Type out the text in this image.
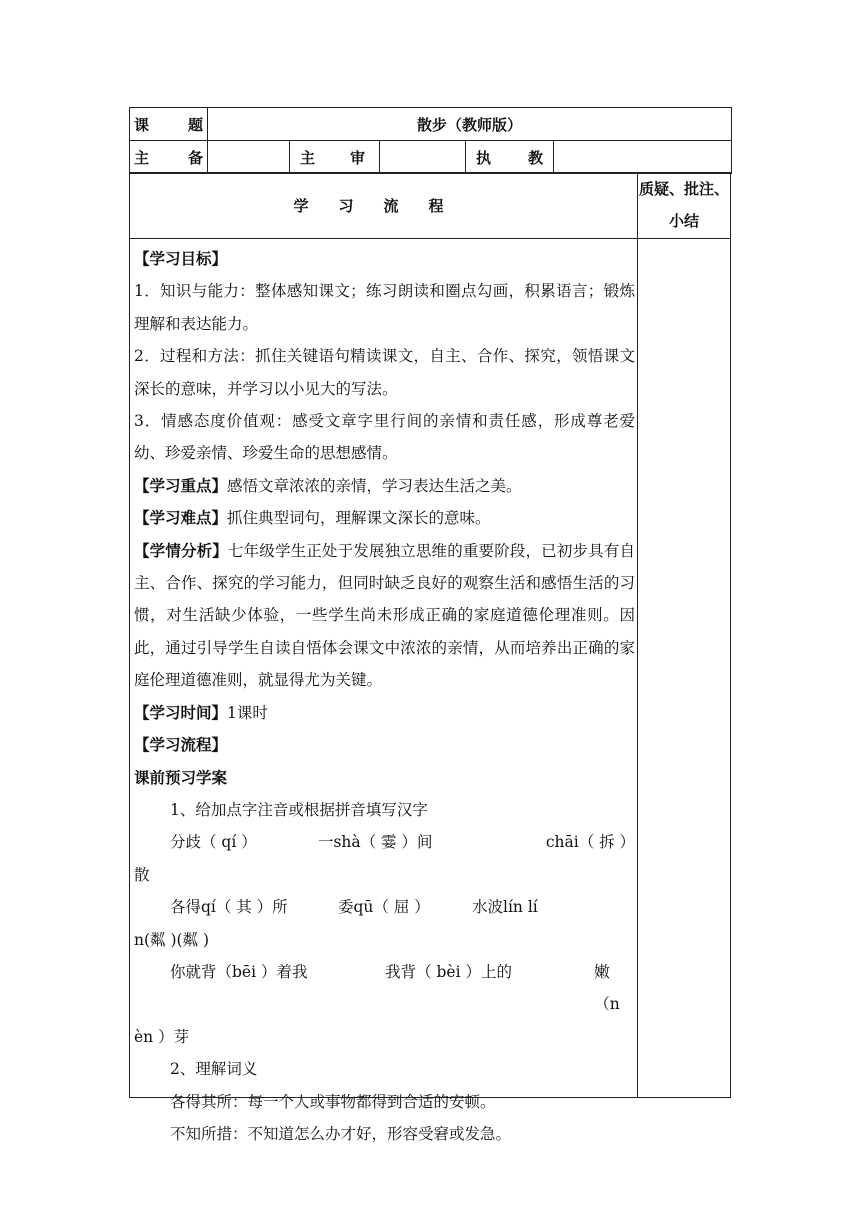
课 题	散步（教师版）				

主 备		主 审		执 教	

学习流程
质疑、批注、小结

【学习目标】

1．知识与能力：整体感知课文；练习朗读和圈点勾画，积累语言；锻炼理解和表达能力。

2．过程和方法：抓住关键语句精读课文，自主、合作、探究，领悟课文深长的意味，并学习以小见大的写法。

3．情感态度价值观：感受文章字里行间的亲情和责任感，形成尊老爱幼、珍爱亲情、珍爱生命的思想感情。

【学习重点】感悟文章浓浓的亲情，学习表达生活之美。

【学习难点】抓住典型词句，理解课文深长的意味。

【学情分析】七年级学生正处于发展独立思维的重要阶段，已初步具有自主、合作、探究的学习能力，但同时缺乏良好的观察生活和感悟生活的习惯，对生活缺少体验，一些学生尚未形成正确的家庭道德伦理准则。因此，通过引导学生自读自悟体会课文中浓浓的亲情，从而培养出正确的家庭伦理道德准则，就显得尤为关键。

【学习时间】1课时

【学习流程】

课前预习学案

1、给加点字注音或根据拼音填写汉字

分歧（ qí ）	一shà（ 霎 ）间	chāi（ 拆 ）

散

各得qí（ 其 ）所	委qū（ 屈 ）	水波lín lí

n(粼 )(粼 )

你就背（bēi ）着我	我背（ bèi ）上的	嫩（n

èn ）芽

2、理解词义

各得其所：每一个人或事物都得到合适的安顿。

不知所措：不知道怎么办才好，形容受窘或发急。
